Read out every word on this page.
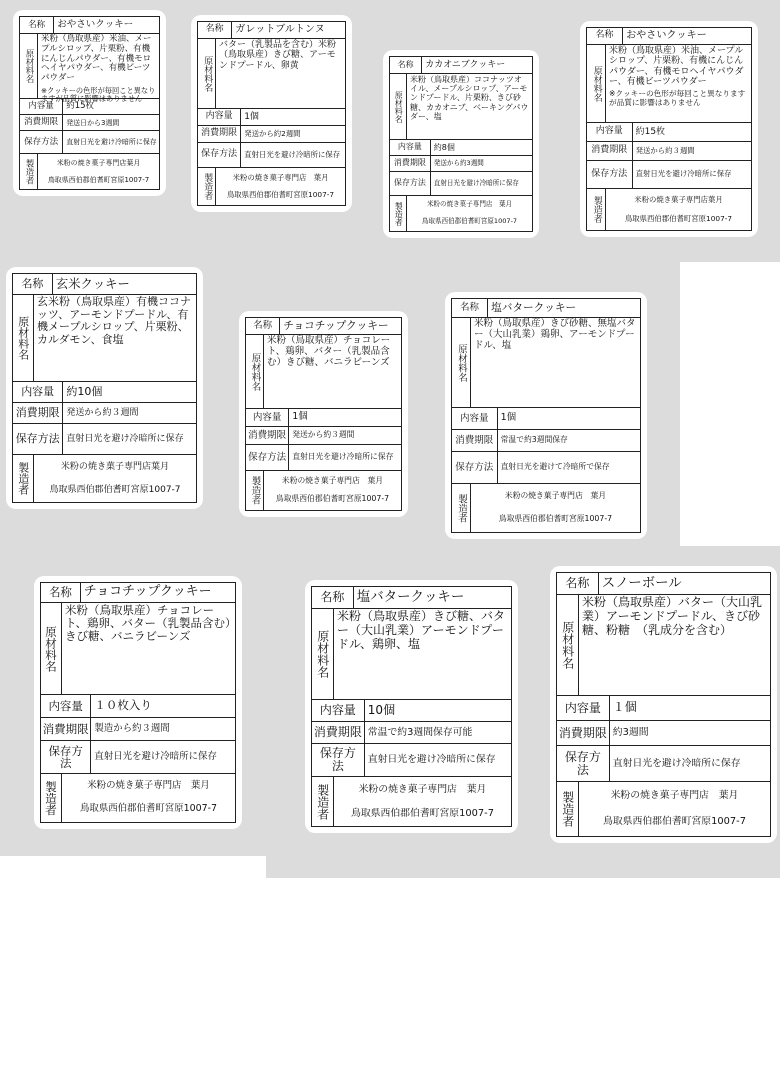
名称	おやさいクッキー
原材料名
米粉（鳥取県産）米油、メープルシロップ、片栗粉、有機にんじんパウダー、有機モロヘイヤパウダー、有機ビーツパウダー
※クッキーの色形が毎回こと異なりますが品質に影響はありません
内容量	約15枚
消費期限	発送日から3週間
保存方法	直射日光を避け冷暗所に保存
製造者	米粉の焼き菓子専門店葉月
鳥取県西伯郡伯耆町宮原1007-7
名称	ガレットブルトンヌ
原材料名
バター（乳製品を含む）米粉（鳥取県産）きび糖、アーモンドプードル、卵黄
内容量	1個
消費期限 発送から約2週間
保存方法 直射日光を避け冷暗所に保存
製造者	米粉の焼き菓子専門店　葉月
鳥取県西伯郡伯耆町宮原1007-7
名称	カカオニブクッキー
原材料名
米粉（鳥取県産）ココナッツオイル、メープルシロップ、アーモンドプードル、片栗粉、きび砂糖、カカオニブ、ベーキングパウダー、塩
内容量	約8個
消費期限	発送から約3週間
保存方法	直射日光を避け冷暗所に保存
製造者	米粉の焼き菓子専門店　葉月
鳥取県西伯郡伯耆町宮原1007-7
名称	おやさいクッキー
原材料名
米粉（鳥取県産）米油、メープルシロップ、片栗粉、有機にんじんパウダー、有機モロヘイヤパウダー、有機ビーツパウダー
※クッキーの色形が毎回こと異なりますが品質に影響はありません
内容量	約15枚
消費期限	発送から約３週間
保存方法	直射日光を避け冷暗所に保存
製造者	米粉の焼き菓子専門店葉月
鳥取県西伯郡伯耆町宮原1007-7
名称	玄米クッキー
原材料名
玄米粉（鳥取県産）有機ココナッツ、アーモンドプードル、有機メープルシロップ、片栗粉、カルダモン、食塩
内容量	約10個
消費期限 発送から約３週間
保存方法 直射日光を避け冷暗所に保存
製造者	米粉の焼き菓子専門店葉月
鳥取県西伯郡伯耆町宮原1007-7
名称	チョコチップクッキー
原材料名
米粉（鳥取県産）チョコレート、鶏卵、バター（乳製品含む）きび糖、バニラビーンズ
内容量	1個
消費期限 発送から約３週間
保存方法 直射日光を避け冷暗所に保存
製造者	米粉の焼き菓子専門店　葉月
鳥取県西伯郡伯耆町宮原1007-7
名称	塩バタークッキー
原材料名
米粉（鳥取県産）きび砂糖、無塩バター（大山乳業）鶏卵、アーモンドプードル、塩
内容量	1個
消費期限 常温で約3週間保存
保存方法 直射日光を避けて冷暗所で保存
製造者	米粉の焼き菓子専門店　葉月
鳥取県西伯郡伯耆町宮原1007-7
名称 チョコチップクッキー
原材料名
米粉（鳥取県産）チョコレート、鶏卵、バター（乳製品含む）きび糖、バニラビーンズ
内容量 １０枚入り
消費期限 製造から約３週間
保存方法	直射日光を避け冷暗所に保存
製造者	米粉の焼き菓子専門店　葉月
鳥取県西伯郡伯耆町宮原1007-7
名称 塩バタークッキー
原材料名
米粉（鳥取県産）きび糖、バター（大山乳業）アーモンドプードル、鶏卵、塩
内容量 10個
消費期限 常温で約3週間保存可能
保存方法	直射日光を避け冷暗所に保存
製造者	米粉の焼き菓子専門店　葉月
鳥取県西伯郡伯耆町宮原1007-7
名称 スノーボール
原材料名
米粉（鳥取県産）バター（大山乳業）アーモンドプードル、きび砂糖、粉糖　（乳成分を含む）
内容量 １個
消費期限 約3週間
保存方法	直射日光を避け冷暗所に保存
製造者	米粉の焼き菓子専門店　葉月
鳥取県西伯郡伯耆町宮原1007-7
